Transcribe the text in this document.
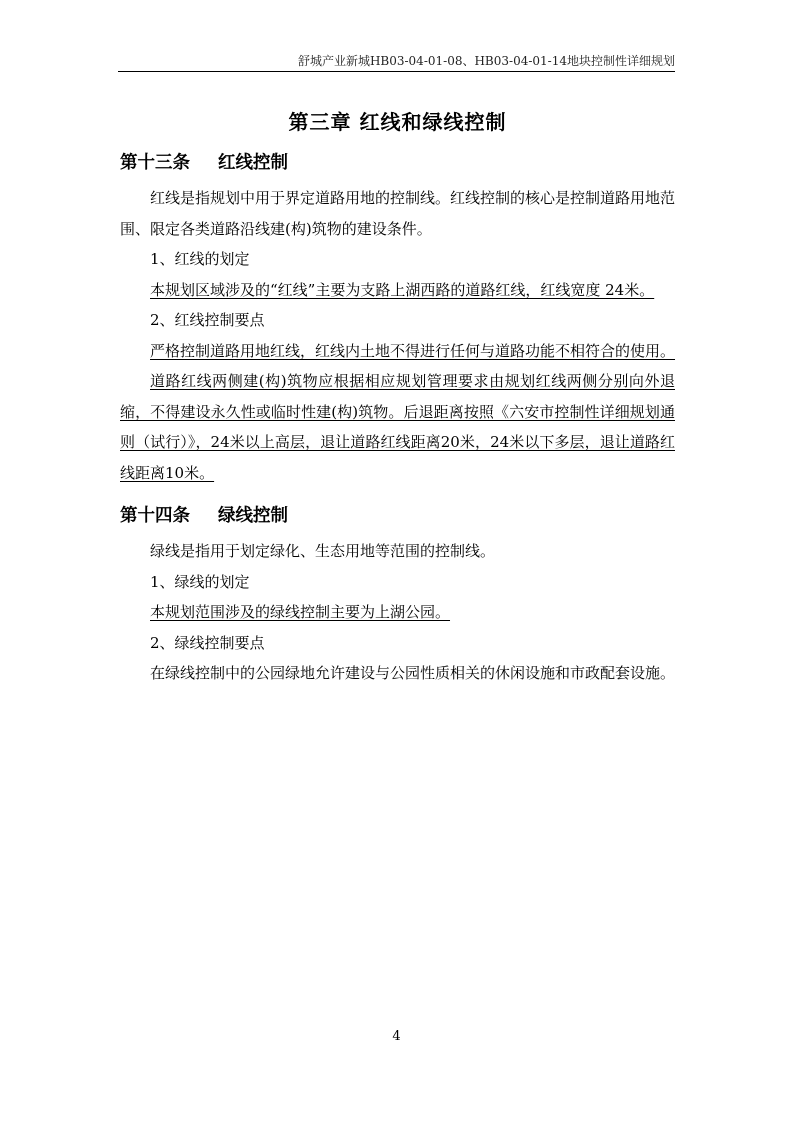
舒城产业新城HB03-04-01-08、HB03-04-01-14地块控制性详细规划
第三章 红线和绿线控制
第十三条 红线控制

红线是指规划中用于界定道路用地的控制线。红线控制的核心是控制道路用地范围、限定各类道路沿线建(构)筑物的建设条件。

1、红线的划定

本规划区域涉及的“红线”主要为支路上湖西路的道路红线，红线宽度 24米。

2、红线控制要点

严格控制道路用地红线，红线内土地不得进行任何与道路功能不相符合的使用。

道路红线两侧建(构)筑物应根据相应规划管理要求由规划红线两侧分别向外退缩，不得建设永久性或临时性建(构)筑物。后退距离按照《六安市控制性详细规划通则（试行）》，24米以上高层，退让道路红线距离20米，24米以下多层，退让道路红线距离10米。

第十四条 绿线控制

绿线是指用于划定绿化、生态用地等范围的控制线。

1、绿线的划定

本规划范围涉及的绿线控制主要为上湖公园。

2、绿线控制要点

在绿线控制中的公园绿地允许建设与公园性质相关的休闲设施和市政配套设施。

4
